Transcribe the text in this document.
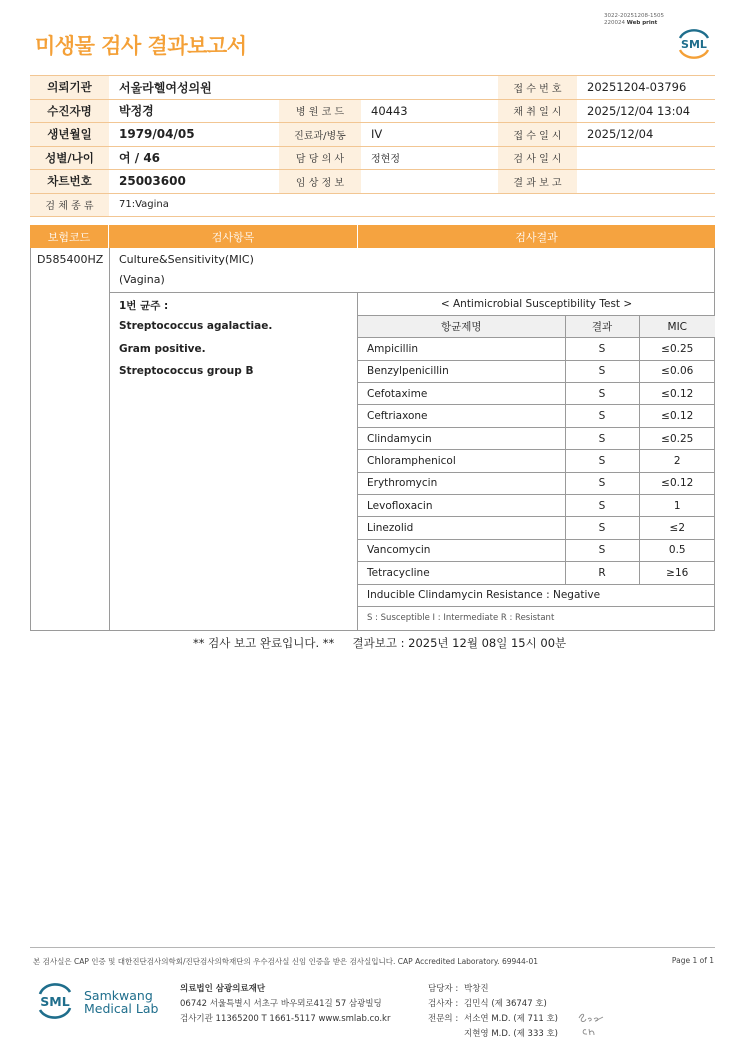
미생물 검사 결과보고서
3022-20251208-1505
220024 Web print
SML
의뢰기관	서울라헬여성의원			접 수 번 호	20251204-03796
수진자명	박정경	병 원 코 드	40443	채 취 일 시	2025/12/04 13:04
생년월일	1979/04/05	진료과/병동	IV	접 수 일 시	2025/12/04
성별/나이	여 / 46	담 당 의 사	정현정	검 사 일 시	
차트번호	25003600	임 상 정 보		결 과 보 고	
검 체 종 류	71:Vagina				
보험코드	검사항목	검사결과
D585400HZ Culture&Sensitivity(MIC)
(Vagina)
1번 균주 :
Streptococcus agalactiae.
Gram positive.
Streptococcus group B
< Antimicrobial Susceptibility Test >		
항균제명	결과	MIC
Ampicillin	S	≤0.25
Benzylpenicillin	S	≤0.06
Cefotaxime	S	≤0.12
Ceftriaxone	S	≤0.12
Clindamycin	S	≤0.25
Chloramphenicol	S	2
Erythromycin	S	≤0.12
Levofloxacin	S	1
Linezolid	S	≤2
Vancomycin	S	0.5
Tetracycline	R	≥16
Inducible Clindamycin Resistance : Negative		
S : Susceptible I : Intermediate R : Resistant		
** 검사 보고 완료입니다. **     결과보고 : 2025년 12월 08일 15시 00분
본 검사실은 CAP 인증 및 대한진단검사의학회/진단검사의학재단의 우수검사실 신임 인증을 받은 검사실입니다. CAP Accredited Laboratory. 69944-01	Page 1 of 1
SML Samkwang
Medical Lab
의료법인 삼광의료재단
06742 서울특별시 서초구 바우뫼로41길 57 삼광빌딩
검사기관 11365200 T 1661-5117 www.smlab.co.kr
담당자 : 박창진
검사자 : 김민식 (제 36747 호)
전문의 : 서소연 M.D. (제 711 호)
지현영 M.D. (제 333 호)
